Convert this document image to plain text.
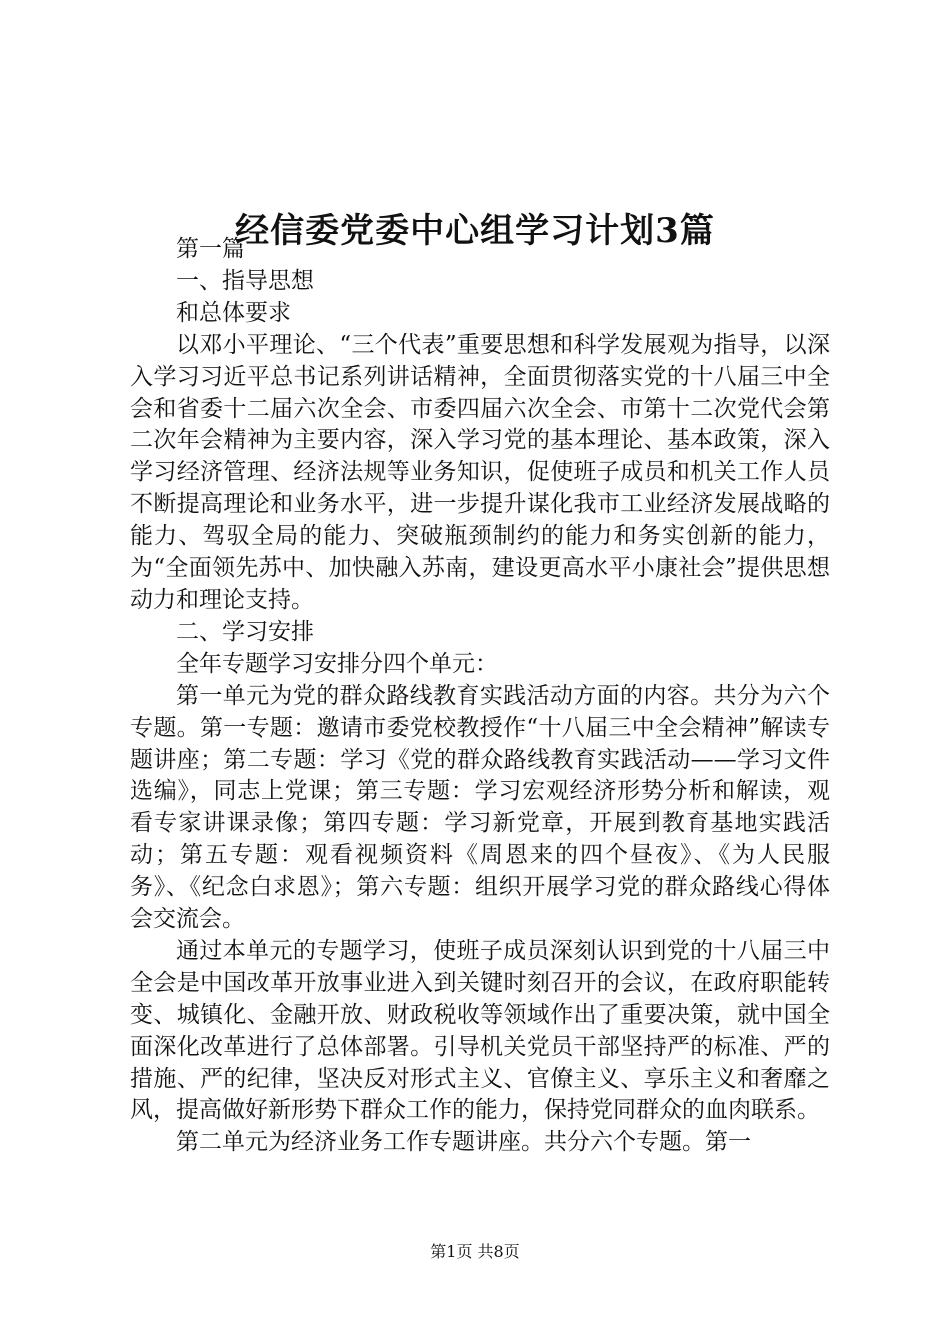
经信委党委中心组学习计划3篇

第一篇

一、指导思想

和总体要求

以邓小平理论、“三个代表”重要思想和科学发展观为指导，以深入学习习近平总书记系列讲话精神，全面贯彻落实党的十八届三中全会和省委十二届六次全会、市委四届六次全会、市第十二次党代会第二次年会精神为主要内容，深入学习党的基本理论、基本政策，深入学习经济管理、经济法规等业务知识，促使班子成员和机关工作人员不断提高理论和业务水平，进一步提升谋化我市工业经济发展战略的能力、驾驭全局的能力、突破瓶颈制约的能力和务实创新的能力，为“全面领先苏中、加快融入苏南，建设更高水平小康社会”提供思想动力和理论支持。

二、学习安排

全年专题学习安排分四个单元：

第一单元为党的群众路线教育实践活动方面的内容。共分为六个专题。第一专题：邀请市委党校教授作“十八届三中全会精神”解读专题讲座；第二专题：学习《党的群众路线教育实践活动——学习文件选编》，同志上党课；第三专题：学习宏观经济形势分析和解读，观看专家讲课录像；第四专题：学习新党章，开展到教育基地实践活动；第五专题：观看视频资料《周恩来的四个昼夜》、《为人民服务》、《纪念白求恩》；第六专题：组织开展学习党的群众路线心得体会交流会。

通过本单元的专题学习，使班子成员深刻认识到党的十八届三中全会是中国改革开放事业进入到关键时刻召开的会议，在政府职能转变、城镇化、金融开放、财政税收等领域作出了重要决策，就中国全面深化改革进行了总体部署。引导机关党员干部坚持严的标准、严的措施、严的纪律，坚决反对形式主义、官僚主义、享乐主义和奢靡之风，提高做好新形势下群众工作的能力，保持党同群众的血肉联系。

第二单元为经济业务工作专题讲座。共分六个专题。第一

第1页 共8页
